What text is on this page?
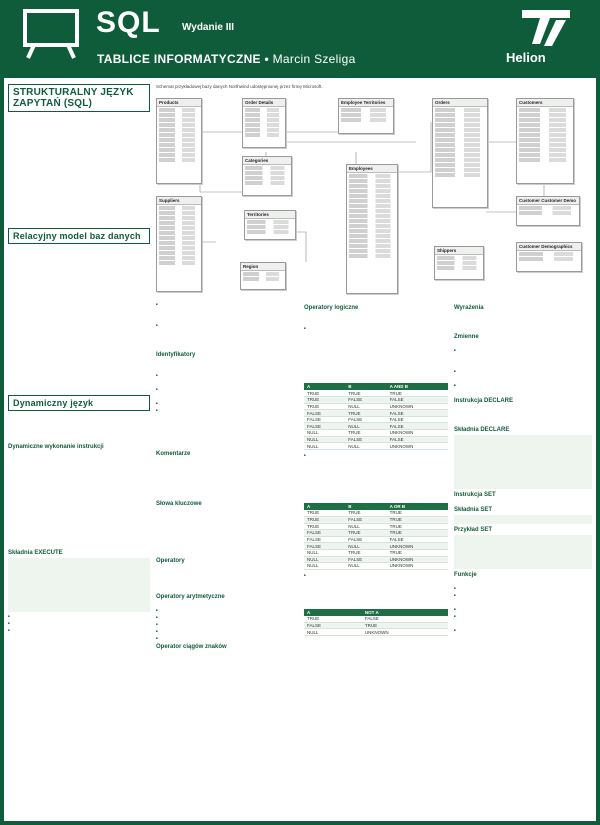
SQL Wydanie III
TABLICE INFORMATYCZNE • Marcin Szeliga	Helion
STRUKTURALNY JĘZYK ZAPYTAŃ (SQL)

Relacyjny model baz danych

Dynamiczny język

Dynamiczne wykonanie instrukcji

Składnia EXECUTE

■

■

■

Schemat przykładowej bazy danych Northwind udostępnionej przez firmę Microsoft.
Products	Order Details	Employee Territories	Orders	Customers
Categories
Employees
Customer Customer Demo
Suppliers
Territories
Customer Demographics
Region
Shippers

■

■

Identyfikatory

■

■

■

■

Komentarze

Słowa kluczowe

Operatory

Operatory arytmetyczne

■

■

■

■

■

Operator ciągów znaków

Operatory logiczne

■

A	B	A AND B
TRUE	TRUE	TRUE
TRUE	FALSE	FALSE
TRUE	NULL	UNKNOWN
FALSE	TRUE	FALSE
FALSE	FALSE	FALSE
FALSE	NULL	FALSE
NULL	TRUE	UNKNOWN
NULL	FALSE	FALSE
NULL	NULL	UNKNOWN

■

A	B	A OR B
TRUE	TRUE	TRUE
TRUE	FALSE	TRUE
TRUE	NULL	TRUE
FALSE	TRUE	TRUE
FALSE	FALSE	FALSE
FALSE	NULL	UNKNOWN
NULL	TRUE	TRUE
NULL	FALSE	UNKNOWN
NULL	NULL	UNKNOWN

■

A	NOT A
TRUE	FALSE
FALSE	TRUE
NULL	UNKNOWN
Wyrażenia

Zmienne

■

■

■

Instrukcja DECLARE

Składnia DECLARE

Instrukcja SET

Składnia SET

Przykład SET

Funkcje

■

■

■

■

■
